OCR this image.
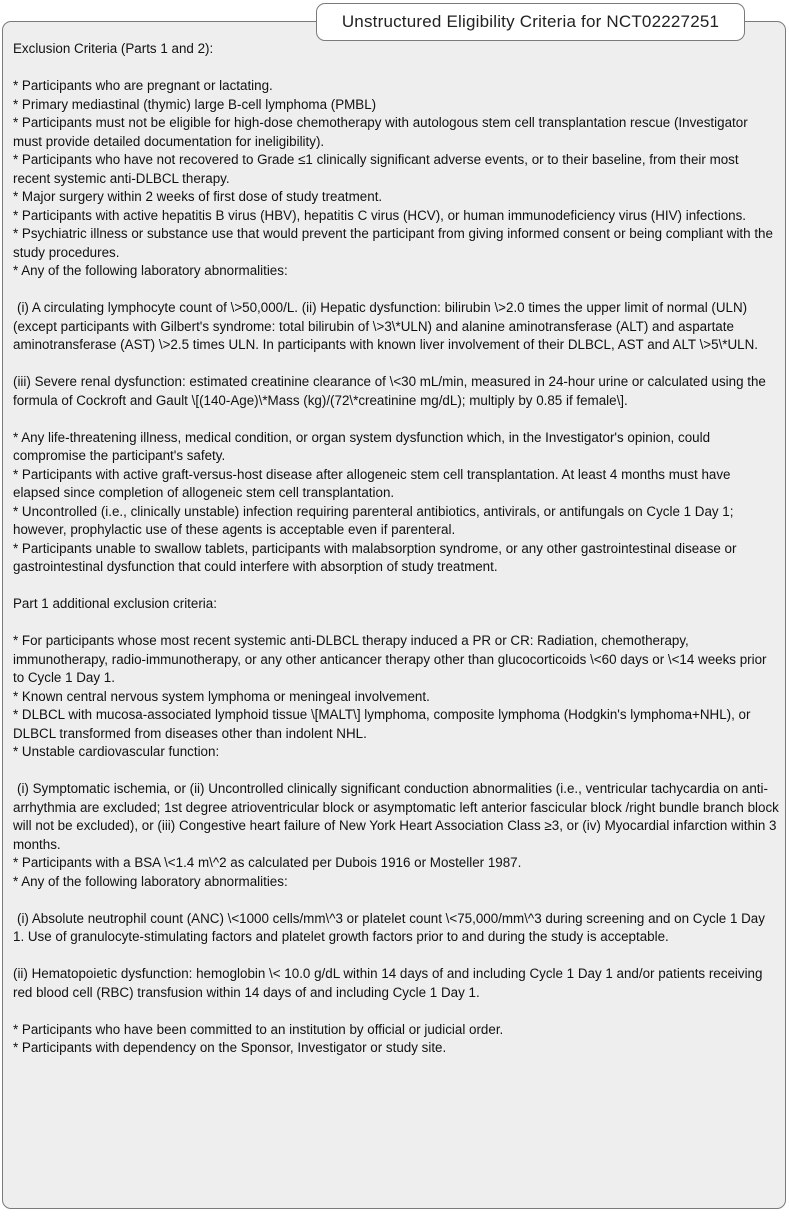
Unstructured Eligibility Criteria for NCT02227251

Exclusion Criteria (Parts 1 and 2):

* Participants who are pregnant or lactating.

* Primary mediastinal (thymic) large B-cell lymphoma (PMBL)

* Participants must not be eligible for high-dose chemotherapy with autologous stem cell transplantation rescue (Investigator must provide detailed documentation for ineligibility).

* Participants who have not recovered to Grade ≤1 clinically significant adverse events, or to their baseline, from their most recent systemic anti-DLBCL therapy.

* Major surgery within 2 weeks of first dose of study treatment.

* Participants with active hepatitis B virus (HBV), hepatitis C virus (HCV), or human immunodeficiency virus (HIV) infections.

* Psychiatric illness or substance use that would prevent the participant from giving informed consent or being compliant with the study procedures.

* Any of the following laboratory abnormalities:

(i) A circulating lymphocyte count of \>50,000/L. (ii) Hepatic dysfunction: bilirubin \>2.0 times the upper limit of normal (ULN) (except participants with Gilbert's syndrome: total bilirubin of \>3\*ULN) and alanine aminotransferase (ALT) and aspartate aminotransferase (AST) \>2.5 times ULN. In participants with known liver involvement of their DLBCL, AST and ALT \>5\*ULN.

(iii) Severe renal dysfunction: estimated creatinine clearance of \<30 mL/min, measured in 24-hour urine or calculated using the formula of Cockroft and Gault \[(140-Age)\*Mass (kg)/(72\*creatinine mg/dL); multiply by 0.85 if female\].

* Any life-threatening illness, medical condition, or organ system dysfunction which, in the Investigator's opinion, could compromise the participant's safety.

* Participants with active graft-versus-host disease after allogeneic stem cell transplantation. At least 4 months must have elapsed since completion of allogeneic stem cell transplantation.

* Uncontrolled (i.e., clinically unstable) infection requiring parenteral antibiotics, antivirals, or antifungals on Cycle 1 Day 1; however, prophylactic use of these agents is acceptable even if parenteral.

* Participants unable to swallow tablets, participants with malabsorption syndrome, or any other gastrointestinal disease or gastrointestinal dysfunction that could interfere with absorption of study treatment.

Part 1 additional exclusion criteria:

* For participants whose most recent systemic anti-DLBCL therapy induced a PR or CR: Radiation, chemotherapy, immunotherapy, radio-immunotherapy, or any other anticancer therapy other than glucocorticoids \<60 days or \<14 weeks prior to Cycle 1 Day 1.

* Known central nervous system lymphoma or meningeal involvement.

* DLBCL with mucosa-associated lymphoid tissue \[MALT\] lymphoma, composite lymphoma (Hodgkin's lymphoma+NHL), or DLBCL transformed from diseases other than indolent NHL.

* Unstable cardiovascular function:

(i) Symptomatic ischemia, or (ii) Uncontrolled clinically significant conduction abnormalities (i.e., ventricular tachycardia on anti-arrhythmia are excluded; 1st degree atrioventricular block or asymptomatic left anterior fascicular block /right bundle branch block will not be excluded), or (iii) Congestive heart failure of New York Heart Association Class ≥3, or (iv) Myocardial infarction within 3 months.

* Participants with a BSA \<1.4 m\^2 as calculated per Dubois 1916 or Mosteller 1987.

* Any of the following laboratory abnormalities:

(i) Absolute neutrophil count (ANC) \<1000 cells/mm\^3 or platelet count \<75,000/mm\^3 during screening and on Cycle 1 Day 1. Use of granulocyte-stimulating factors and platelet growth factors prior to and during the study is acceptable.

(ii) Hematopoietic dysfunction: hemoglobin \< 10.0 g/dL within 14 days of and including Cycle 1 Day 1 and/or patients receiving red blood cell (RBC) transfusion within 14 days of and including Cycle 1 Day 1.

* Participants who have been committed to an institution by official or judicial order.

* Participants with dependency on the Sponsor, Investigator or study site.
